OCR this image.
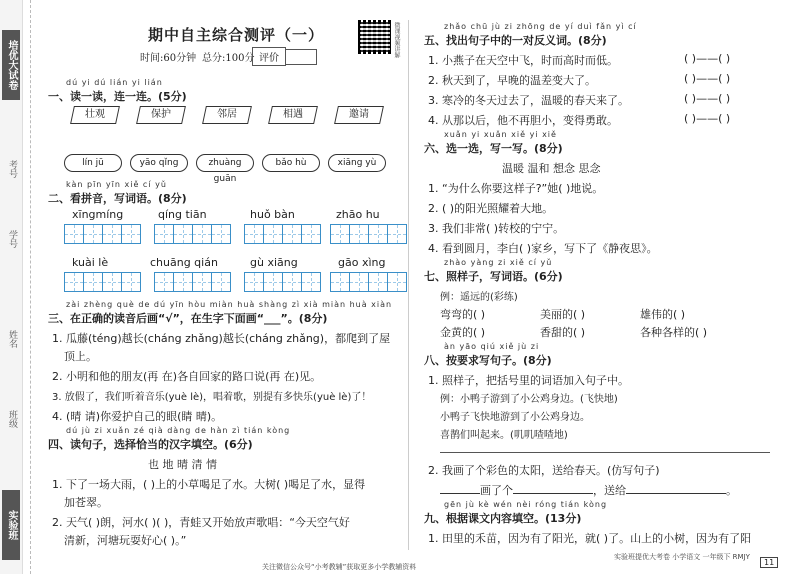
培优大试卷
实验班
班级
姓名
学号
考号
期中自主综合测评（一）
时间:60分钟 总分:100分 评价
微课视频讲解
dú yi dú lián yi lián
一、读一读，连一连。(5分)
壮观	保护	邻居	相遇	邀请
lín jū	yāo qǐng	zhuàng guān
bǎo hù	xiāng yù
kàn pīn yīn xiě cí yǔ
二、看拼音，写词语。(8分)
xīngmíng	qíng tiān	huǒ bàn	zhāo hu
kuài lè	chuāng qián	gù xiāng	gāo xìng
zài zhèng què de dú yīn hòu miàn huà shàng zì xià miàn huà xiàn
三、在正确的读音后画“√”，在生字下面画“___”。(8分)
1. 瓜藤(téng)越长(cháng zhǎng)越长(cháng zhǎng)，都爬到了屋
顶上。
2. 小明和他的朋友(再 在)各自回家的路口说(再 在)见。
3. 放假了，我们听着音乐(yuè lè)，唱着歌，别提有多快乐(yuè lè)了！
4. (晴 请)你爱护自己的眼(睛 晴)。
dú jù zi xuǎn zé qià dàng de hàn zì tián kòng
四、读句子，选择恰当的汉字填空。(6分)
也 地 晴 清 情
1. 下了一场大雨，( )上的小草喝足了水。大树( )喝足了水，显得
加苍翠。
2. 天气( )朗，河水( )( )，青蛙又开始放声歌唱：“今天空气好
清新，河塘玩耍好心( )。”
zhǎo chū jù zi zhōng de yí duì fǎn yì cí
五、找出句子中的一对反义词。(8分)
1. 小燕子在天空中飞，时而高时而低。	( )——( )
2. 秋天到了，早晚的温差变大了。	( )——( )
3. 寒冷的冬天过去了，温暖的春天来了。	( )——( )
4. 从那以后，他不再胆小，变得勇敢。	( )——( )
xuǎn yi xuǎn xiě yi xiě
六、选一选，写一写。(8分)
温暖 温和 想念 思念
1. “为什么你要这样子?”她( )地说。
2. ( )的阳光照耀着大地。
3. 我们非常( )转校的宁宁。
4. 看到圆月，李白( )家乡，写下了《静夜思》。
zhào yàng zi xiě cí yǔ
七、照样子，写词语。(6分)
例：遥远的(彩练)
弯弯的( )	美丽的( )	雄伟的( )
金黄的( )	香甜的( )	各种各样的( )
àn yāo qiú xiě jù zi
八、按要求写句子。(8分)
1. 照样子，把括号里的词语加入句子中。
例：小鸭子游到了小公鸡身边。(飞快地)
小鸭子飞快地游到了小公鸡身边。
喜鹊们叫起来。(叽叽喳喳地)
2. 我画了个彩色的太阳，送给春天。(仿写句子)
画了个	，送给	。
gēn jù kè wén nèi róng tián kòng
九、根据课文内容填空。(13分)
1. 田里的禾苗，因为有了阳光，就( )了。山上的小树，因为有了阳
关注微信公众号“小考教辅”获取更多小学教辅资料
实验班提优大考卷 小学语文 一年级下 RMJY
11
